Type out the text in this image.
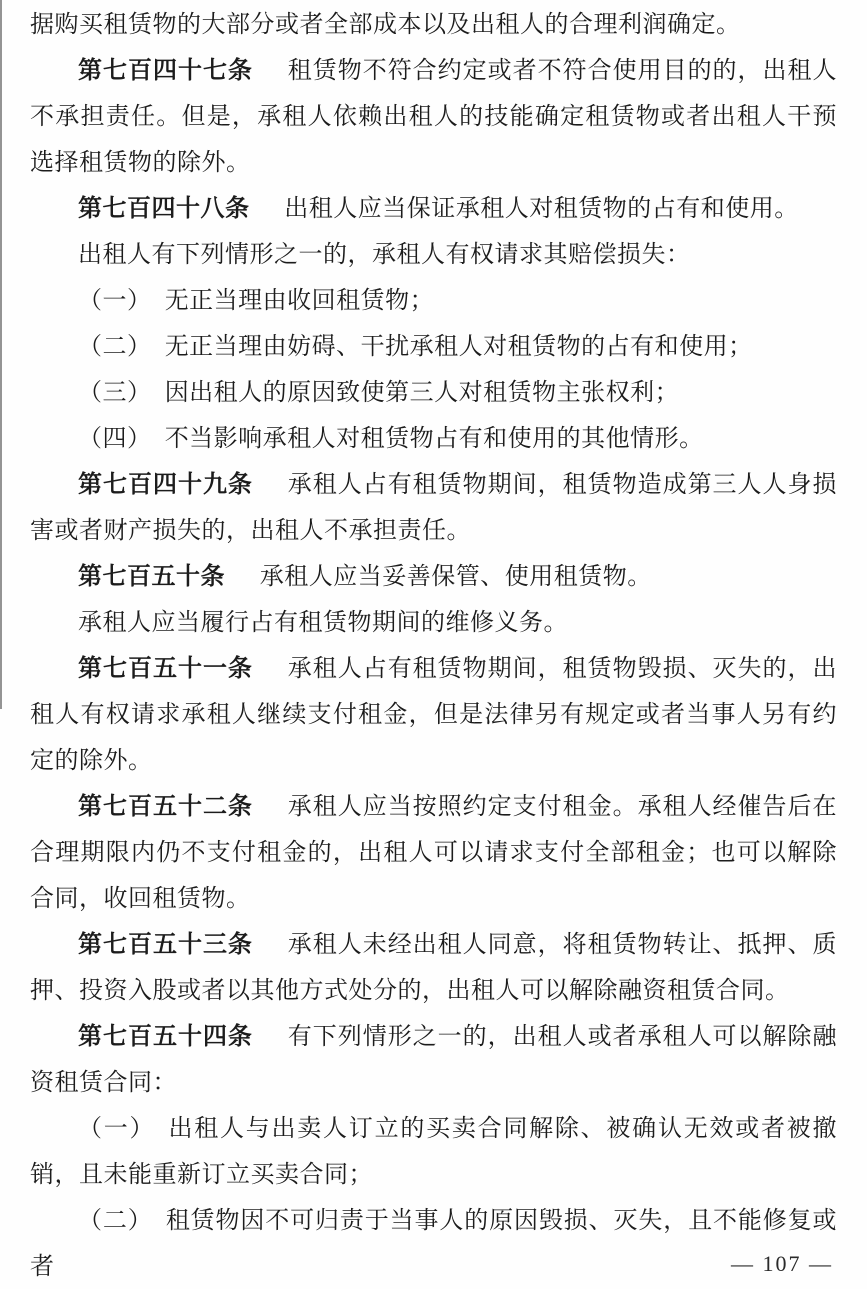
据购买租赁物的大部分或者全部成本以及出租人的合理利润确定。

第七百四十七条 租赁物不符合约定或者不符合使用目的的，出租人不承担责任。但是，承租人依赖出租人的技能确定租赁物或者出租人干预选择租赁物的除外。

第七百四十八条 出租人应当保证承租人对租赁物的占有和使用。

出租人有下列情形之一的，承租人有权请求其赔偿损失：

（一） 无正当理由收回租赁物；

（二） 无正当理由妨碍、干扰承租人对租赁物的占有和使用；

（三） 因出租人的原因致使第三人对租赁物主张权利；

（四） 不当影响承租人对租赁物占有和使用的其他情形。

第七百四十九条 承租人占有租赁物期间，租赁物造成第三人人身损害或者财产损失的，出租人不承担责任。

第七百五十条 承租人应当妥善保管、使用租赁物。

承租人应当履行占有租赁物期间的维修义务。

第七百五十一条 承租人占有租赁物期间，租赁物毁损、灭失的，出租人有权请求承租人继续支付租金，但是法律另有规定或者当事人另有约定的除外。

第七百五十二条 承租人应当按照约定支付租金。承租人经催告后在合理期限内仍不支付租金的，出租人可以请求支付全部租金；也可以解除合同，收回租赁物。

第七百五十三条 承租人未经出租人同意，将租赁物转让、抵押、质押、投资入股或者以其他方式处分的，出租人可以解除融资租赁合同。

第七百五十四条 有下列情形之一的，出租人或者承租人可以解除融资租赁合同：

（一） 出租人与出卖人订立的买卖合同解除、被确认无效或者被撤销，且未能重新订立买卖合同；

（二） 租赁物因不可归责于当事人的原因毁损、灭失，且不能修复或者	— 107 —
